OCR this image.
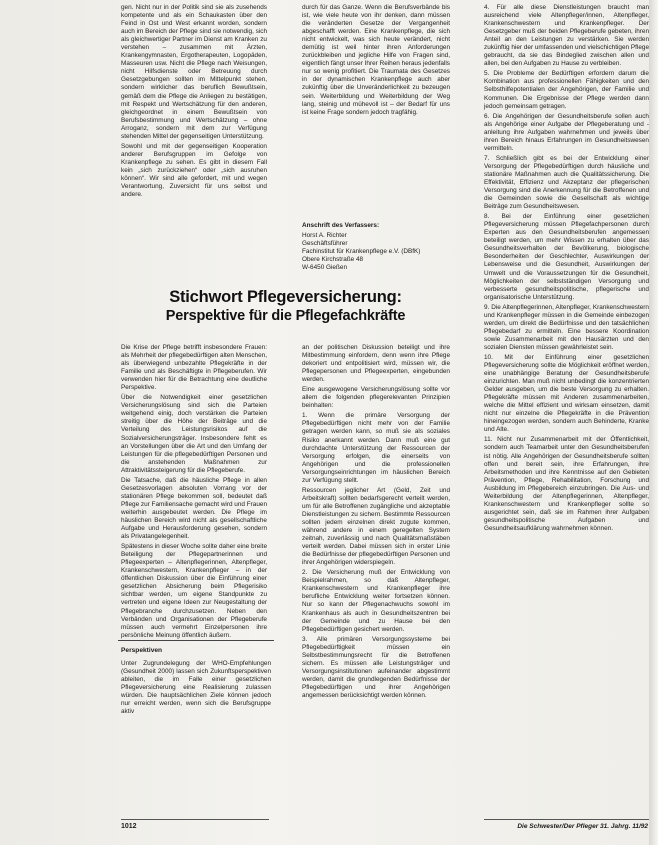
gen. Nicht nur in der Politik sind sie als zusehends kompetente und als ein Schaukasten über den Feind in Ost und West erkannt worden, sondern auch im Bereich der Pflege sind sie notwendig, sich als gleichwertiger Partner im Dienst am Kranken zu verstehen – zusammen mit Ärzten, Krankengymnasten, Ergotherapeuten, Logopäden, Masseuren usw. Nicht die Pflege nach Weisungen, nicht Hilfsdienste oder Betreuung durch Gesetzgebungen sollten im Mittelpunkt stehen, sondern wirklicher das beruflich Bewußtsein, gemäß dem die Pflege die Anliegen zu bestätigen, mit Respekt und Wertschätzung für den anderen, gleichgeordnet in einem Bewußtsein von Berufsbestimmung und Wertschätzung – ohne Arroganz, sondern mit dem zur Verfügung stehenden Mittel der gegenseitigen Unterstützung.

Sowohl und mit der gegenseitigen Kooperation anderer Berufsgruppen im Gefolge von Krankenpflege zu sehen. Es gibt in diesem Fall kein „sich zurückziehen“ oder „sich ausruhen können“. Wir sind alle gefordert, mit und wegen Verantwortung, Zuversicht für uns selbst und andere.

durch für das Ganze. Wenn die Berufsverbände bis ist, wie viele heute von ihr denken, dann müssen die veränderten Gesetze der Vergangenheit abgeschafft werden. Eine Krankenpflege, die sich nicht entwickelt, was sich heute verändert, nicht demütig ist weil hinter ihren Anforderungen zurückbleiben und jegliche Hilfe von Fragen sind, eigentlich fängt unser Ihrer Reihen heraus jedenfalls nur so wenig profitiert. Die Traumata des Gesetzes in der dynamischen Krankenpflege auch aber zukünftig über die Unveränderlichkeit zu bezeugen sein. Weiterbildung und Weiterbildung der Weg lang, steinig und mühevoll ist – der Bedarf für uns ist keine Frage sondern jedoch tragfähig.

Anschrift des Verfassers:
Horst A. Richter
Geschäftsführer
Fachinstitut für Krankenpflege e.V. (DBfK)
Obere Kirchstraße 48
W-6450 Gießen
Stichwort Pflegeversicherung:
Perspektive für die Pflegefachkräfte

Die Krise der Pflege betrifft insbesondere Frauen: als Mehrheit der pflegebedürftigen alten Menschen, als überwiegend unbezahlte Pflegekräfte in der Familie und als Beschäftigte in Pflegeberufen. Wir verwenden hier für die Betrachtung eine deutliche Perspektive.

Über die Notwendigkeit einer gesetzlichen Versicherungslösung sind sich die Parteien weitgehend einig, doch verstärken die Parteien streitig über die Höhe der Beiträge und die Verteilung des Leistungsrisikos auf die Sozialversicherungsträger. Insbesondere fehlt es an Vorstellungen über die Art und den Umfang der Leistungen für die pflegebedürftigen Personen und die anstehenden Maßnahmen zur Attraktivitätssteigerung für die Pflegeberufe.

Die Tatsache, daß die häusliche Pflege in allen Gesetzesvorlagen absoluten Vorrang vor der stationären Pflege bekommen soll, bedeutet daß Pflege zur Familiensache gemacht wird und Frauen weiterhin ausgebeutet werden. Die Pflege im häuslichen Bereich wird nicht als gesellschaftliche Aufgabe und Herausforderung gesehen, sondern als Privatangelegenheit.

Spätestens in dieser Woche sollte daher eine breite Beteiligung der Pflegepartnerinnen und Pflegeexperten – Altenpflegerinnen, Altenpfleger, Krankenschwestern, Krankenpfleger – in der öffentlichen Diskussion über die Einführung einer gesetzlichen Absicherung beim Pflegerisiko sichtbar werden, um eigene Standpunkte zu vertreten und eigene Ideen zur Neugestaltung der Pflegebranche durchzusetzen. Neben den Verbänden und Organisationen der Pflegeberufe müssen auch vermehrt Einzelpersonen ihre persönliche Meinung öffentlich äußern.

Perspektiven
Unter Zugrundelegung der WHO-Empfehlungen (Gesundheit 2000) lassen sich Zukunftsperspektiven ableiten, die im Falle einer gesetzlichen Pflegeversicherung eine Realisierung zulassen würden. Die hauptsächlichen Ziele können jedoch nur erreicht werden, wenn sich die Berufsgruppe aktiv

an der politischen Diskussion beteiligt und ihre Mitbestimmung einfordern, denn wenn ihre Pflege dekoriert und entpolitisiert wird, müssen wir, die Pflegepersonen und Pflegeexperten, eingebunden werden.

Eine ausgewogene Versicherungslösung sollte vor allem die folgenden pflegerelevanten Prinzipien beinhalten:

1. Wenn die primäre Versorgung der Pflegebedürftigen nicht mehr von der Familie getragen werden kann, so muß sie als soziales Risiko anerkannt werden. Dann muß eine gut durchdachte Unterstützung der Ressourcen der Versorgung erfolgen, die einerseits von Angehörigen und die professionellen Versorgungseinrichtungen im häuslichen Bereich zur Verfügung stellt.

Ressourcen jeglicher Art (Geld, Zeit und Arbeitskraft) sollten bedarfsgerecht verteilt werden, um für alle Betroffenen zugängliche und akzeptable Dienstleistungen zu sichern. Bestimmte Ressourcen sollten jedem einzelnen direkt zugute kommen, während andere in einem geregelten System zeitnah, zuverlässig und nach Qualitätsmaßstäben verteilt werden. Dabei müssen sich in erster Linie die Bedürfnisse der pflegebedürftigen Personen und ihrer Angehörigen widerspiegeln.

2. Die Versicherung muß der Entwicklung von Beispielrahmen, so daß Altenpfleger, Krankenschwestern und Krankenpfleger ihre berufliche Entwicklung weiter fortsetzen können. Nur so kann der Pflegenachwuchs sowohl im Krankenhaus als auch in Gesundheitszentren bei der Gemeinde und zu Hause bei den Pflegebedürftigen gesichert werden.

3. Alle primären Versorgungssysteme bei Pflegebedürftigkeit müssen ein Selbstbestimmungsrecht für die Betroffenen sichern. Es müssen alle Leistungsträger und Versorgungsinstitutionen aufeinander abgestimmt werden, damit die grundlegenden Bedürfnisse der Pflegebedürftigen und ihrer Angehörigen angemessen berücksichtigt werden können.

4. Für alle diese Dienstleistungen braucht man ausreichend viele Altenpfleger/innen, Altenpfleger, Krankenschwestern und Krankenpfleger. Der Gesetzgeber muß der beiden Pflegeberufe gebeten, ihren Anteil an den Leistungen zu verstärken. Sie werden zukünftig hier der umfassenden und vielschichtigen Pflege gebraucht, da sie das Bindeglied zwischen allen und allen, bei den Aufgaben zu Hause zu verbleiben.

5. Die Probleme der Bedürftigen erfordern darum die Kombination aus professionellen Fähigkeiten und den Selbsthilfepotentialen der Angehörigen, der Familie und Kommunen. Die Ergebnisse der Pflege werden dann jedoch gemeinsam getragen.

6. Die Angehörigen der Gesundheitsberufe sollen auch als Angehörige einer Aufgabe der Pflegeberatung und -anleitung ihre Aufgaben wahrnehmen und jeweils über ihren Bereich hinaus Erfahrungen im Gesundheitswesen vermitteln.

7. Schließlich gibt es bei der Entwicklung einer Versorgung der Pflegebedürftigen durch häusliche und stationäre Maßnahmen auch die Qualitätssicherung. Die Effektivität, Effizienz und Akzeptanz der pflegerischen Versorgung sind die Anerkennung für die Betroffenen und die Gemeinden sowie die Gesellschaft als wichtige Beiträge zum Gesundheitswesen.

8. Bei der Einführung einer gesetzlichen Pflegeversicherung müssen Pflegefachpersonen durch Experten aus den Gesundheitsberufen angemessen beteiligt werden, um mehr Wissen zu erhalten über das Gesundheitsverhalten der Bevölkerung, biologische Besonderheiten der Geschlechter, Auswirkungen der Lebensweise und die Gesundheit, Auswirkungen der Umwelt und die Voraussetzungen für die Gesundheit, Möglichkeiten der selbstständigen Versorgung und verbesserte gesundheitspolitische, pflegerische und organisatorische Unterstützung.

9. Die Altenpflegerinnen, Altenpfleger, Krankenschwestern und Krankenpfleger müssen in die Gemeinde einbezogen werden, um direkt die Bedürfnisse und den tatsächlichen Pflegebedarf zu ermitteln. Eine bessere Koordination sowie Zusammenarbeit mit den Hausärzten und den sozialen Diensten müssen gewährleistet sein.

10. Mit der Einführung einer gesetzlichen Pflegeversicherung sollte die Möglichkeit eröffnet werden, eine unabhängige Beratung der Gesundheitsberufe einzurichten. Man muß nicht unbedingt die konzentrierten Gelder ausgeben, um die beste Versorgung zu erhalten. Pflegekräfte müssen mit Anderen zusammenarbeiten, welche die Mittel effizient und wirksam einsetzen, damit nicht nur einzelne die Pflegekräfte in die Prävention hineingezogen werden, sondern auch Behinderte, Kranke und Alte.

11. Nicht nur Zusammenarbeit mit der Öffentlichkeit, sondern auch Teamarbeit unter den Gesundheitsberufen ist nötig. Alle Angehörigen der Gesundheitsberufe sollten offen und bereit sein, ihre Erfahrungen, ihre Arbeitsmethoden und ihre Kenntnisse auf den Gebieten Prävention, Pflege, Rehabilitation, Forschung und Ausbildung im Pflegebereich einzubringen. Die Aus- und Weiterbildung der Altenpflegerinnen, Altenpfleger, Krankenschwestern und Krankenpfleger sollte so ausgerichtet sein, daß sie im Rahmen ihrer Aufgaben gesundheitspolitische Aufgaben und Gesundheitsaufklärung wahrnehmen können.

1012	Die Schwester/Der Pfleger 31. Jahrg. 11/92
